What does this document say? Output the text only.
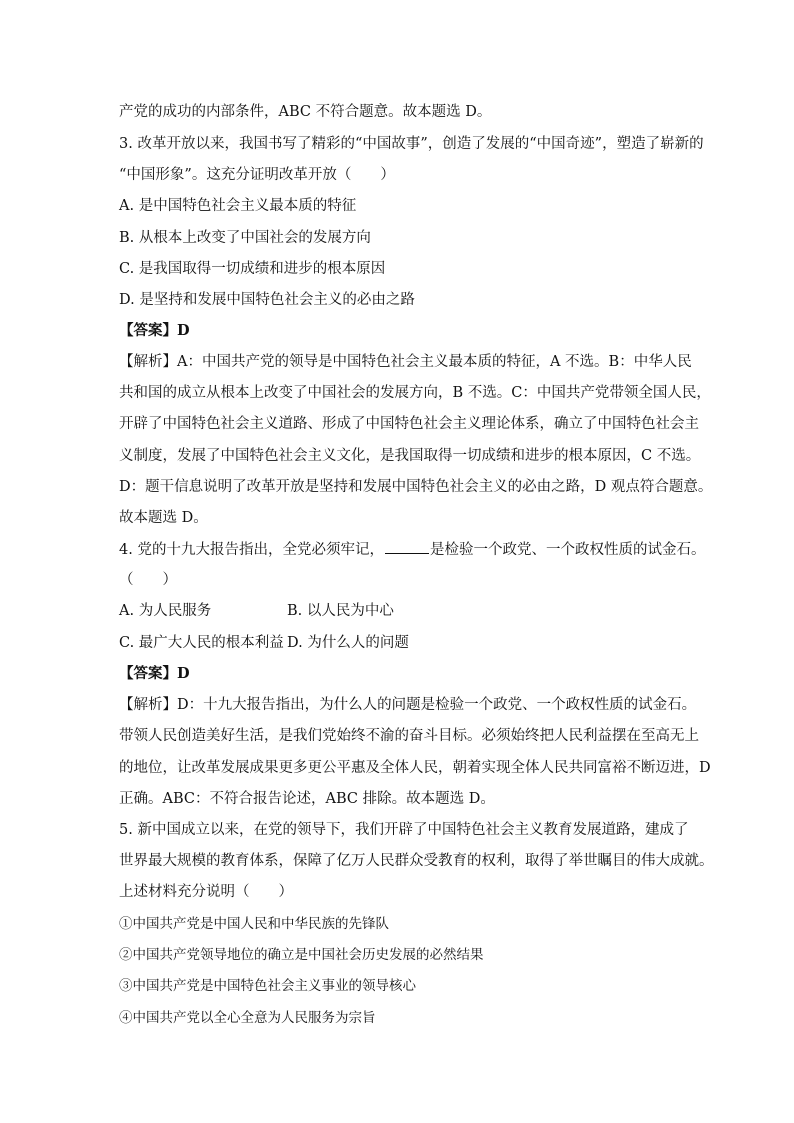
产党的成功的内部条件，ABC 不符合题意。故本题选 D。
3. 改革开放以来，我国书写了精彩的“中国故事”，创造了发展的“中国奇迹”，塑造了崭新的
“中国形象”。这充分证明改革开放（　　）
A. 是中国特色社会主义最本质的特征
B. 从根本上改变了中国社会的发展方向
C. 是我国取得一切成绩和进步的根本原因
D. 是坚持和发展中国特色社会主义的必由之路
【答案】D
【解析】A：中国共产党的领导是中国特色社会主义最本质的特征，A 不选。B：中华人民
共和国的成立从根本上改变了中国社会的发展方向，B 不选。C：中国共产党带领全国人民，
开辟了中国特色社会主义道路、形成了中国特色社会主义理论体系，确立了中国特色社会主
义制度，发展了中国特色社会主义文化，是我国取得一切成绩和进步的根本原因，C 不选。
D：题干信息说明了改革开放是坚持和发展中国特色社会主义的必由之路，D 观点符合题意。
故本题选 D。
4. 党的十九大报告指出，全党必须牢记，	是检验一个政党、一个政权性质的试金石。
（　　）
A. 为人民服务	B. 以人民为中心
C. 最广大人民的根本利益 D. 为什么人的问题
【答案】D
【解析】D：十九大报告指出，为什么人的问题是检验一个政党、一个政权性质的试金石。
带领人民创造美好生活，是我们党始终不渝的奋斗目标。必须始终把人民利益摆在至高无上
的地位，让改革发展成果更多更公平惠及全体人民，朝着实现全体人民共同富裕不断迈进，D
正确。ABC：不符合报告论述，ABC 排除。故本题选 D。
5. 新中国成立以来，在党的领导下，我们开辟了中国特色社会主义教育发展道路，建成了
世界最大规模的教育体系，保障了亿万人民群众受教育的权利，取得了举世瞩目的伟大成就。
上述材料充分说明（　　）
①中国共产党是中国人民和中华民族的先锋队
②中国共产党领导地位的确立是中国社会历史发展的必然结果
③中国共产党是中国特色社会主义事业的领导核心
④中国共产党以全心全意为人民服务为宗旨
